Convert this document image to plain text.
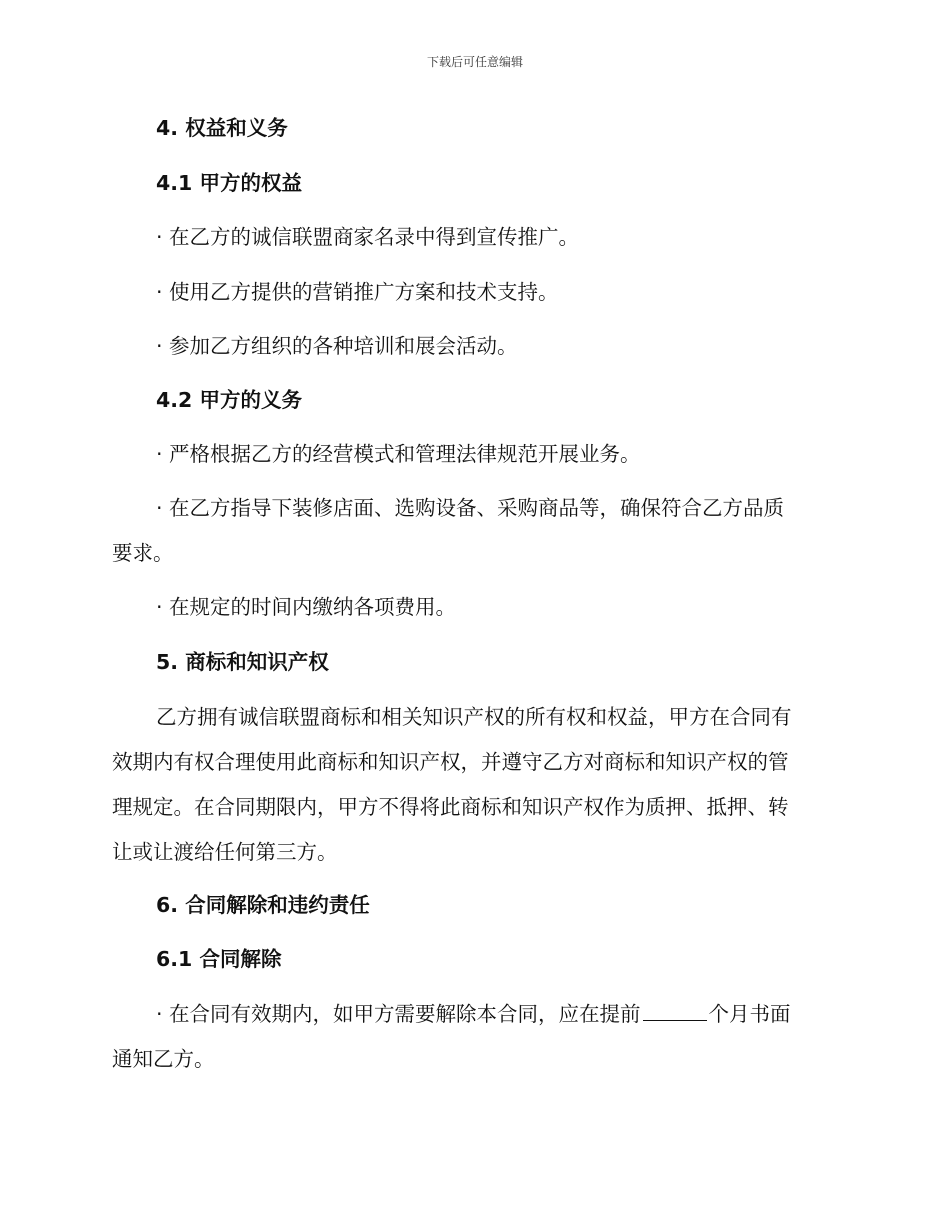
下载后可任意编辑
4. 权益和义务
4.1 甲方的权益
· 在乙方的诚信联盟商家名录中得到宣传推广。
· 使用乙方提供的营销推广方案和技术支持。
· 参加乙方组织的各种培训和展会活动。
4.2 甲方的义务
· 严格根据乙方的经营模式和管理法律规范开展业务。
· 在乙方指导下装修店面、选购设备、采购商品等，确保符合乙方品质
要求。
· 在规定的时间内缴纳各项费用。
5. 商标和知识产权
乙方拥有诚信联盟商标和相关知识产权的所有权和权益，甲方在合同有
效期内有权合理使用此商标和知识产权，并遵守乙方对商标和知识产权的管
理规定。在合同期限内，甲方不得将此商标和知识产权作为质押、抵押、转
让或让渡给任何第三方。
6. 合同解除和违约责任
6.1 合同解除
· 在合同有效期内，如甲方需要解除本合同，应在提前	个月书面
通知乙方。
